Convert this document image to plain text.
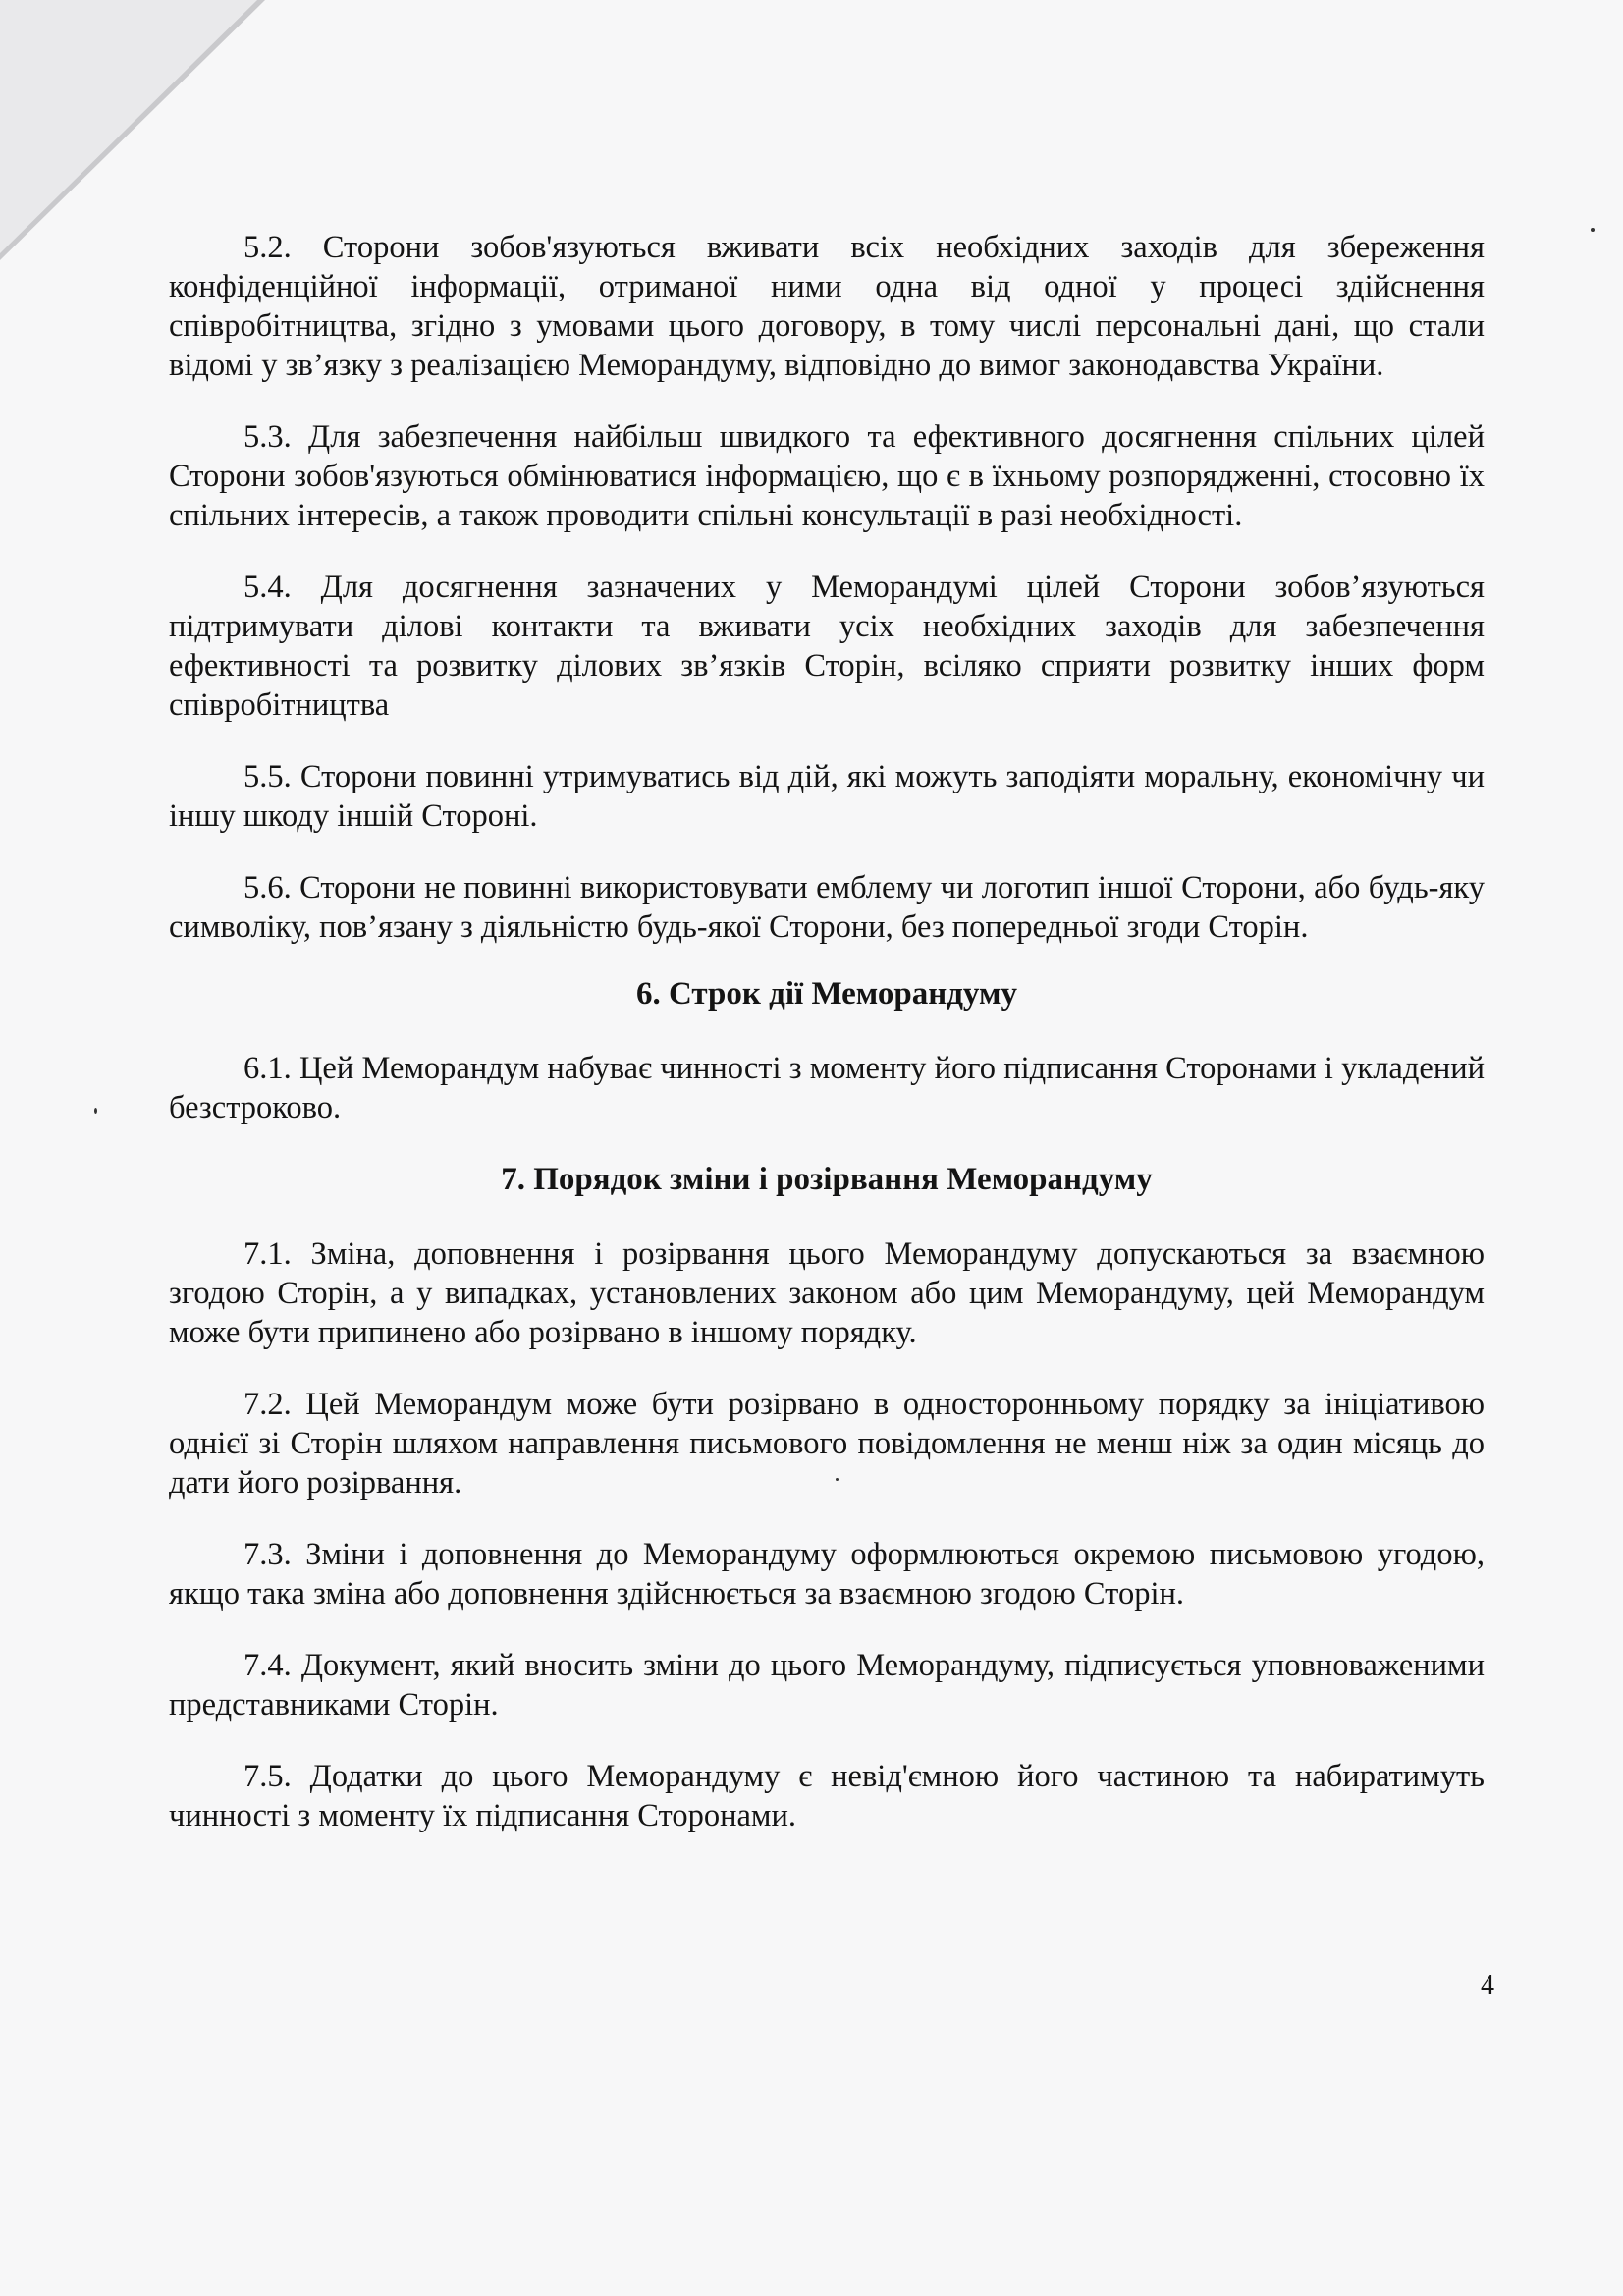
5.2. Сторони зобов'язуються вживати всіх необхідних заходів для збереження конфіденційної інформації, отриманої ними одна від одної у процесі здійснення співробітництва, згідно з умовами цього договору, в тому числі персональні дані, що стали відомі у зв’язку з реалізацією Меморандуму, відповідно до вимог законодавства України.

5.3. Для забезпечення найбільш швидкого та ефективного досягнення спільних цілей Сторони зобов'язуються обмінюватися інформацією, що є в їхньому розпорядженні, стосовно їх спільних інтересів, а також проводити спільні консультації в разі необхідності.

5.4. Для досягнення зазначених у Меморандумі цілей Сторони зобов’язуються підтримувати ділові контакти та вживати усіх необхідних заходів для забезпечення ефективності та розвитку ділових зв’язків Сторін, всіляко сприяти розвитку інших форм співробітництва

5.5. Сторони повинні утримуватись від дій, які можуть заподіяти моральну, економічну чи іншу шкоду іншій Стороні.

5.6. Сторони не повинні використовувати емблему чи логотип іншої Сторони, або будь-яку символіку, пов’язану з діяльністю будь-якої Сторони, без попередньої згоди Сторін.

6. Строк дії Меморандуму

6.1. Цей Меморандум набуває чинності з моменту його підписання Сторонами і укладений безстроково.

7. Порядок зміни і розірвання Меморандуму

7.1. Зміна, доповнення і розірвання цього Меморандуму допускаються за взаємною згодою Сторін, а у випадках, установлених законом або цим Меморандуму, цей Меморандум може бути припинено або розірвано в іншому порядку.

7.2. Цей Меморандум може бути розірвано в односторонньому порядку за ініціативою однієї зі Сторін шляхом направлення письмового повідомлення не менш ніж за один місяць до дати його розірвання.

7.3. Зміни і доповнення до Меморандуму оформлюються окремою письмовою угодою, якщо така зміна або доповнення здійснюється за взаємною згодою Сторін.

7.4. Документ, який вносить зміни до цього Меморандуму, підписується уповноваженими представниками Сторін.

7.5. Додатки до цього Меморандуму є невід'ємною його частиною та набиратимуть чинності з моменту їх підписання Сторонами.

4
